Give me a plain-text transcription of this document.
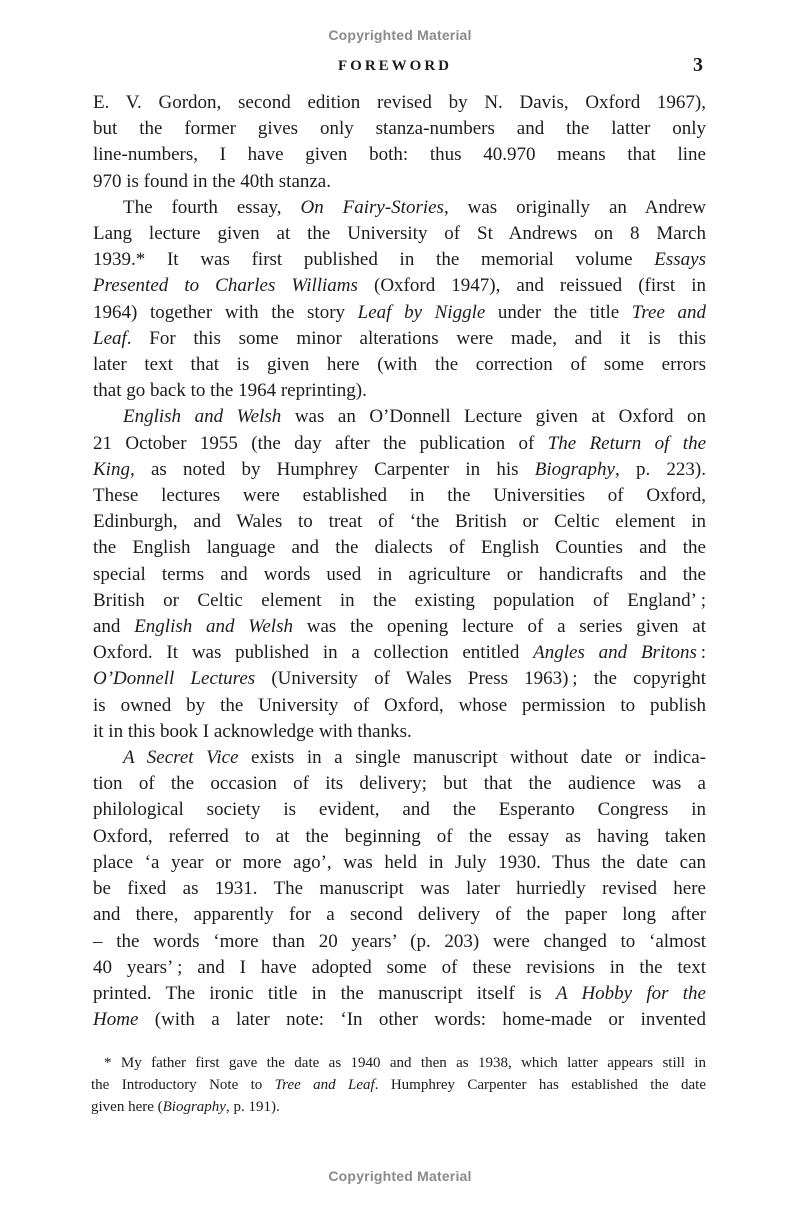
Copyrighted Material
FOREWORD	3
E. V. Gordon, second edition revised by N. Davis, Oxford 1967),
but the former gives only stanza-numbers and the latter only
line-numbers, I have given both: thus 40.970 means that line
970 is found in the 40th stanza.
The fourth essay, On Fairy-Stories, was originally an Andrew
Lang lecture given at the University of St Andrews on 8 March
1939.* It was first published in the memorial volume Essays
Presented to Charles Williams (Oxford 1947), and reissued (first in
1964) together with the story Leaf by Niggle under the title Tree and
Leaf. For this some minor alterations were made, and it is this
later text that is given here (with the correction of some errors
that go back to the 1964 reprinting).
English and Welsh was an O’Donnell Lecture given at Oxford on
21 October 1955 (the day after the publication of The Return of the
King, as noted by Humphrey Carpenter in his Biography, p. 223).
These lectures were established in the Universities of Oxford,
Edinburgh, and Wales to treat of ‘the British or Celtic element in
the English language and the dialects of English Counties and the
special terms and words used in agriculture or handicrafts and the
British or Celtic element in the existing population of England’ ;
and English and Welsh was the opening lecture of a series given at
Oxford. It was published in a collection entitled Angles and Britons :
O’Donnell Lectures (University of Wales Press 1963) ; the copyright
is owned by the University of Oxford, whose permission to publish
it in this book I acknowledge with thanks.
A Secret Vice exists in a single manuscript without date or indica-
tion of the occasion of its delivery; but that the audience was a
philological society is evident, and the Esperanto Congress in
Oxford, referred to at the beginning of the essay as having taken
place ‘a year or more ago’, was held in July 1930. Thus the date can
be fixed as 1931. The manuscript was later hurriedly revised here
and there, apparently for a second delivery of the paper long after
– the words ‘more than 20 years’ (p. 203) were changed to ‘almost
40 years’ ; and I have adopted some of these revisions in the text
printed. The ironic title in the manuscript itself is A Hobby for the
Home (with a later note: ‘In other words: home-made or invented
* My father first gave the date as 1940 and then as 1938, which latter appears still in
the Introductory Note to Tree and Leaf. Humphrey Carpenter has established the date
given here (Biography, p. 191).
Copyrighted Material
